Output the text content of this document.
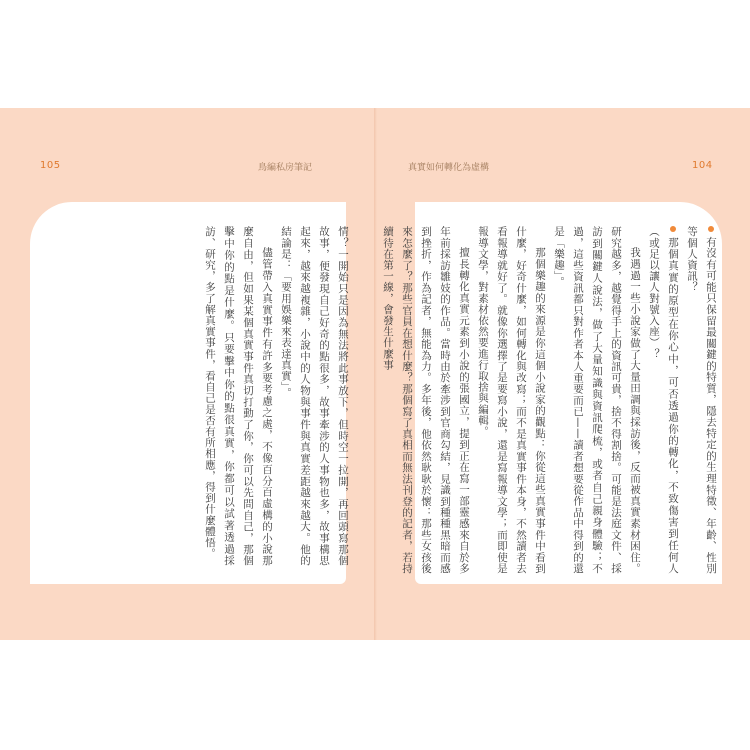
105	鳥編私房筆記

情？一開始只是因為無法將此事放下，但時空一拉開，再回頭寫那個故事，便發現自己好奇的點很多，故事牽涉的人事物也多，故事構思起來，越來越複雜，小說中的人物與事件與真實差距越來越大。他的結論是：「要用娛樂來表達真實」。

儘管帶入真實事件有許多要考慮之處，不像百分百虛構的小說那麼自由，但如果某個真實事件真切打動了你，你可以先問自己，那個擊中你的點是什麼。只要擊中你的點很真實，你都可以試著透過採訪、研究，多了解真實事件，看自己是否有所相應，得到什麼體悟。

真實如何轉化為虛構	104

有沒有可能只保留最關鍵的特質，隱去特定的生理特徵、年齡、性別等個人資訊？

那個真實的原型在你心中，可否透過你的轉化，不致傷害到任何人（或足以讓人對號入座）？

我遇過一些小說家做了大量田調與採訪後，反而被真實素材困住。研究越多，越覺得手上的資訊可貴，捨不得割捨。可能是法庭文件、採訪到關鍵人說法，做了大量知識與資訊爬梳，或者自己親身體驗；不過，這些資訊都只對作者本人重要而已——讀者想要從作品中得到的還是「樂趣」。

那個樂趣的來源是你這個小說家的觀點：你從這些真實事件中看到什麼，好奇什麼，如何轉化與改寫；而不是真實事件本身，不然讀者去看報導就好了。就像你選擇了是要寫小說，還是寫報導文學；而即使是報導文學，對素材依然要進行取捨與編輯。

擅長轉化真實元素到小說的張國立，提到正在寫一部靈感來自於多年前採訪雛妓的作品。當時由於牽涉到官商勾結，見識到種種黑暗而感到挫折，作為記者，無能為力。多年後，他依然耿耿於懷：那些女孩後來怎麼了？那些官員在想什麼？那個寫了真相而無法刊登的記者，若持續待在第一線，會發生什麼事
